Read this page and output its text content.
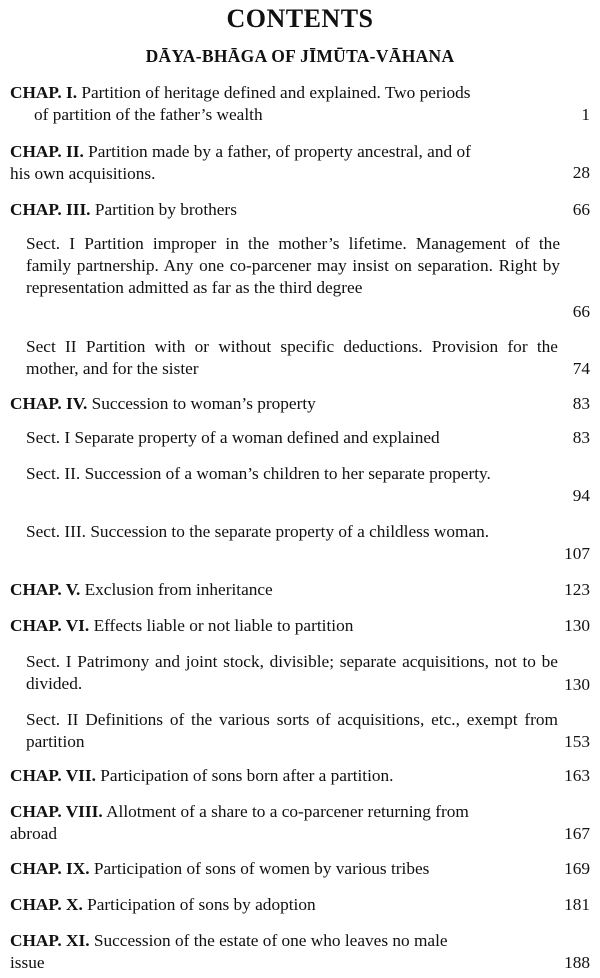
CONTENTS
DĀYA-BHĀGA OF JĪMŪTA-VĀHANA
CHAP. I. Partition of heritage defined and explained. Two periods
of partition of the father’s wealth	1
CHAP. II. Partition made by a father, of property ancestral, and of
his own acquisitions.	28
CHAP. III. Partition by brothers	66
Sect. I Partition improper in the mother’s lifetime. Management of the family partnership. Any one co-parcener may insist on separation. Right by representation admitted as far as the third degree
66
Sect II Partition with or without specific deductions. Provision for the mother, and for the sister	74
CHAP. IV. Succession to woman’s property	83
Sect. I Separate property of a woman defined and explained	83
Sect. II. Succession of a woman’s children to her separate property.
94
Sect. III. Succession to the separate property of a childless woman.
107
CHAP. V. Exclusion from inheritance	123
CHAP. VI. Effects liable or not liable to partition	130
Sect. I Patrimony and joint stock, divisible; separate acquisitions, not to be divided.	130
Sect. II Definitions of the various sorts of acquisitions, etc., exempt from partition	153
CHAP. VII. Participation of sons born after a partition.	163
CHAP. VIII. Allotment of a share to a co-parcener returning from
abroad	167
CHAP. IX. Participation of sons of women by various tribes	169
CHAP. X. Participation of sons by adoption	181
CHAP. XI. Succession of the estate of one who leaves no male
issue	188
